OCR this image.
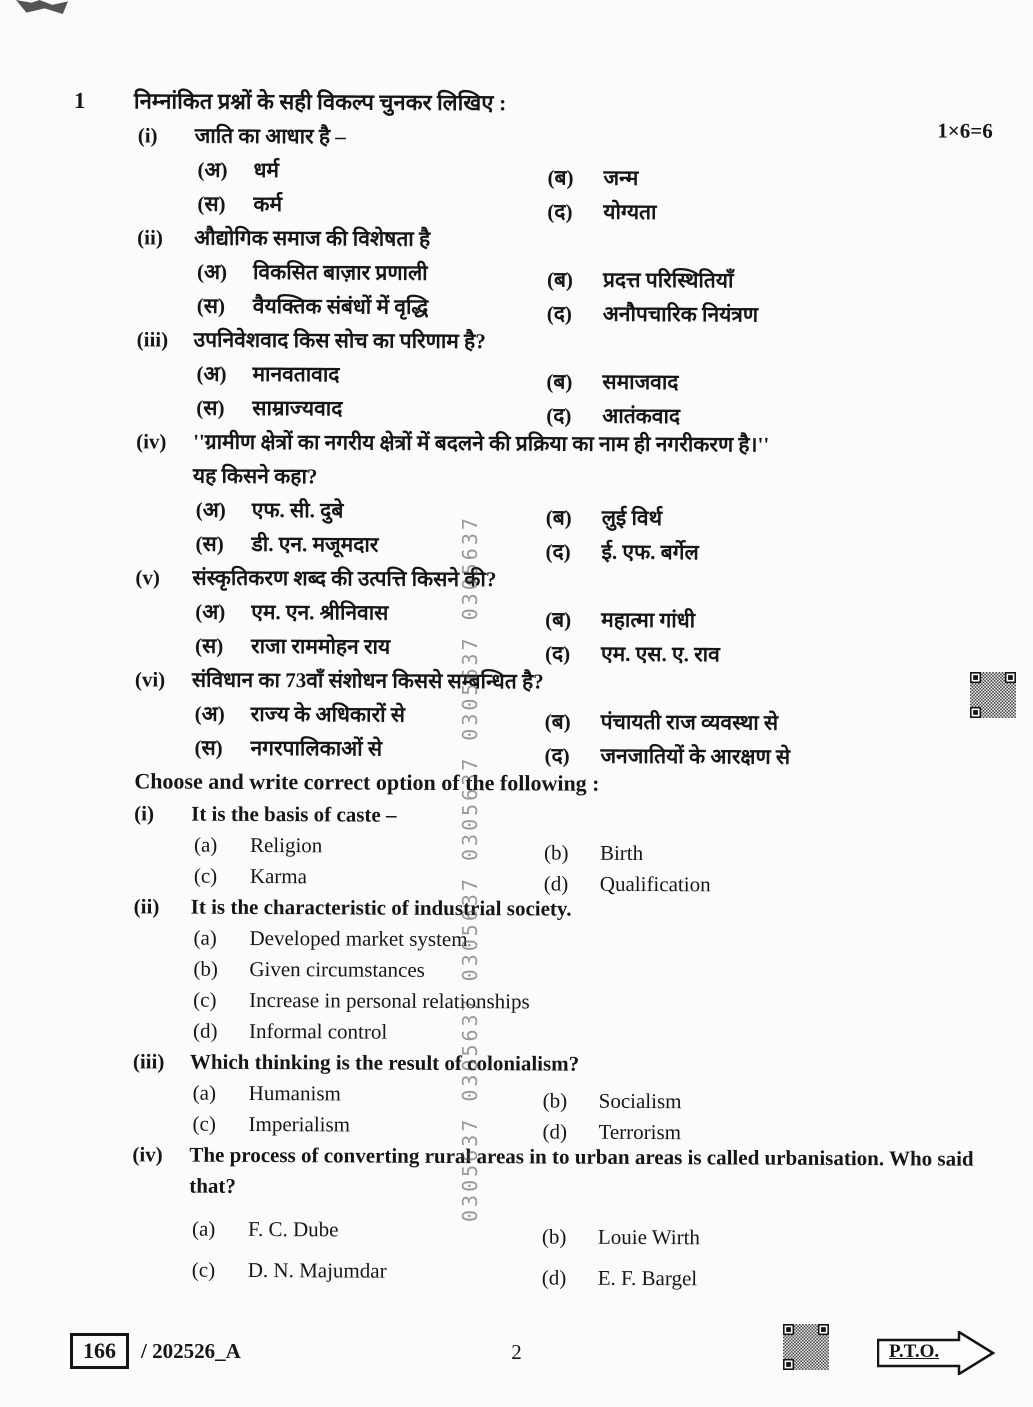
0305637 0305637 0305637 0305637 0305637 0305637
1×6=6
1	निम्नांकित प्रश्नों के सही विकल्प चुनकर लिखिए :
(i)	जाति का आधार है –
(अ)	धर्म	(ब)	जन्म
(स)	कर्म	(द)	योग्यता
(ii)	औद्योगिक समाज की विशेषता है
(अ)	विकसित बाज़ार प्रणाली	(ब)	प्रदत्त परिस्थितियाँ
(स)	वैयक्तिक संबंधों में वृद्धि	(द)	अनौपचारिक नियंत्रण
(iii)	उपनिवेशवाद किस सोच का परिणाम है?
(अ)	मानवतावाद	(ब)	समाजवाद
(स)	साम्राज्यवाद	(द)	आतंकवाद
(iv)	''ग्रामीण क्षेत्रों का नगरीय क्षेत्रों में बदलने की प्रक्रिया का नाम ही नगरीकरण है।''
यह किसने कहा?
(अ)	एफ. सी. दुबे	(ब)	लुई विर्थ
(स)	डी. एन. मजूमदार	(द)	ई. एफ. बर्गेल
(v)	संस्कृतिकरण शब्द की उत्पत्ति किसने की?
(अ)	एम. एन. श्रीनिवास	(ब)	महात्मा गांधी
(स)	राजा राममोहन राय	(द)	एम. एस. ए. राव
(vi)	संविधान का 73वाँ संशोधन किससे सम्बन्धित है?
(अ)	राज्य के अधिकारों से	(ब)	पंचायती राज व्यवस्था से
(स)	नगरपालिकाओं से	(द)	जनजातियों के आरक्षण से
Choose and write correct option of the following :
(i)	It is the basis of caste –
(a)	Religion	(b)	Birth
(c)	Karma	(d)	Qualification
(ii)	It is the characteristic of industrial society.
(a)	Developed market system
(b)	Given circumstances
(c)	Increase in personal relationships
(d)	Informal control
(iii)	Which thinking is the result of colonialism?
(a)	Humanism	(b)	Socialism
(c)	Imperialism	(d)	Terrorism
(iv)	The process of converting rural areas in to urban areas is called urbanisation. Who said that?
(a)	F. C. Dube	(b)	Louie Wirth
(c)	D. N. Majumdar	(d)	E. F. Bargel
166	/ 202526_A	2	P.T.O.
